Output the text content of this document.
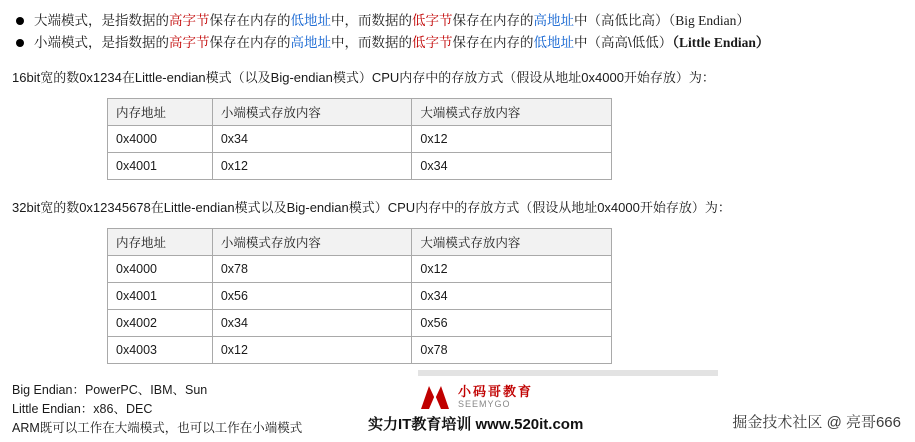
大端模式，是指数据的高字节保存在内存的低地址中，而数据的低字节保存在内存的高地址中（高低比高）（Big Endian）
小端模式，是指数据的高字节保存在内存的高地址中，而数据的低字节保存在内存的低地址中（高高\低低）（Little Endian）

16bit宽的数0x1234在Little-endian模式（以及Big-endian模式）CPU内存中的存放方式（假设从地址0x4000开始存放）为：

内存地址	小端模式存放内容	大端模式存放内容
0x4000	0x34	0x12
0x4001	0x12	0x34

32bit宽的数0x12345678在Little-endian模式以及Big-endian模式）CPU内存中的存放方式（假设从地址0x4000开始存放）为：

内存地址	小端模式存放内容	大端模式存放内容
0x4000	0x78	0x12
0x4001	0x56	0x34
0x4002	0x34	0x56
0x4003	0x12	0x78
Big Endian：PowerPC、IBM、Sun
Little Endian：x86、DEC
ARM既可以工作在大端模式，也可以工作在小端模式
小码哥教育
SEEMYGO
实力IT教育培训 www.520it.com	掘金技术社区 @ 亮哥666
